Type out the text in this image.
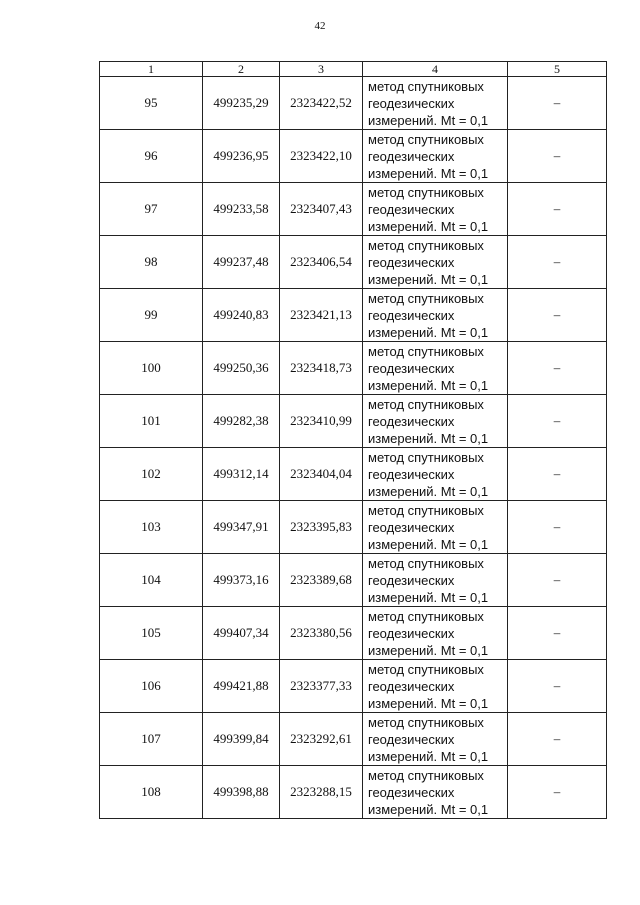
42
1	2	3	4	5
95	499235,29	2323422,52	метод спутниковых
геодезических
измерений. Mt = 0,1	–
96	499236,95	2323422,10	метод спутниковых
геодезических
измерений. Mt = 0,1	–
97	499233,58	2323407,43	метод спутниковых
геодезических
измерений. Mt = 0,1	–
98	499237,48	2323406,54	метод спутниковых
геодезических
измерений. Mt = 0,1	–
99	499240,83	2323421,13	метод спутниковых
геодезических
измерений. Mt = 0,1	–
100	499250,36	2323418,73	метод спутниковых
геодезических
измерений. Mt = 0,1	–
101	499282,38	2323410,99	метод спутниковых
геодезических
измерений. Mt = 0,1	–
102	499312,14	2323404,04	метод спутниковых
геодезических
измерений. Mt = 0,1	–
103	499347,91	2323395,83	метод спутниковых
геодезических
измерений. Mt = 0,1	–
104	499373,16	2323389,68	метод спутниковых
геодезических
измерений. Mt = 0,1	–
105	499407,34	2323380,56	метод спутниковых
геодезических
измерений. Mt = 0,1	–
106	499421,88	2323377,33	метод спутниковых
геодезических
измерений. Mt = 0,1	–
107	499399,84	2323292,61	метод спутниковых
геодезических
измерений. Mt = 0,1	–
108	499398,88	2323288,15	метод спутниковых
геодезических
измерений. Mt = 0,1	–
